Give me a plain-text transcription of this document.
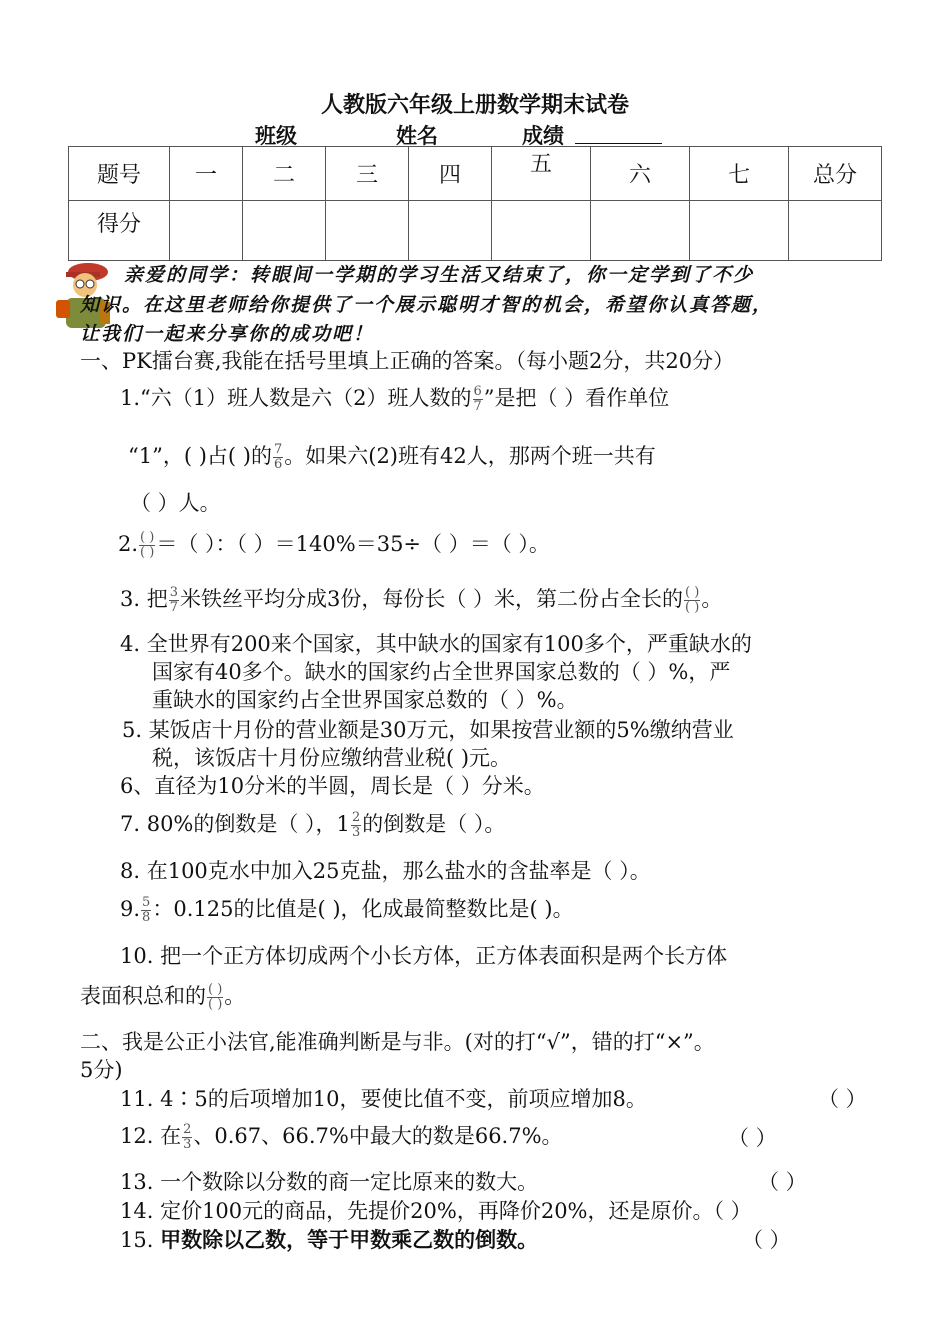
人教版六年级上册数学期末试卷
班级	姓名	成绩
题号	一	二	三	四	五	六	七	总分
得分								
亲爱的同学：转眼间一学期的学习生活又结束了，你一定学到了不少
知识。在这里老师给你提供了一个展示聪明才智的机会，希望你认真答题，
让我们一起来分享你的成功吧！
一、PK擂台赛,我能在括号里填上正确的答案。（每小题2分，共20分）
1.“六（1）班人数是六（2）班人数的 $\frac{6}{7}$ ”是把（ ）看作单位
“1”，( )占( )的 $\frac{7}{6}$ 。如果六(2)班有42人，那两个班一共有
（ ）人。
2. $\frac{( )}{( )}$ ＝（ ）：（ ）＝140%＝35÷（ ）＝（ ）。
3. 把 $\frac{3}{7}$ 米铁丝平均分成3份，每份长（ ）米，第二份占全长的 $\frac{( )}{( )}$ 。
4. 全世界有200来个国家，其中缺水的国家有100多个，严重缺水的
国家有40多个。缺水的国家约占全世界国家总数的（ ）%，严
重缺水的国家约占全世界国家总数的（ ）%。
5. 某饭店十月份的营业额是30万元，如果按营业额的5%缴纳营业
税，该饭店十月份应缴纳营业税( )元。
6、直径为10分米的半圆，周长是（ ）分米。
7. 80%的倒数是（ ），$1 \frac{2}{3}$ 的倒数是（ ）。
8. 在100克水中加入25克盐，那么盐水的含盐率是（ ）。
9. $\frac{5}{8}$ ：0.125的比值是( )，化成最简整数比是( )。
10. 把一个正方体切成两个小长方体，正方体表面积是两个长方体
表面积总和的 $\frac{( )}{( )}$ 。
二、我是公正小法官,能准确判断是与非。(对的打“√”，错的打“×”。
5分)
11. 4∶5的后项增加10，要使比值不变，前项应增加8。	（ ）
12. 在 $\frac{2}{3}$ 、0.67、66.7%中最大的数是66.7%。	（ ）
13. 一个数除以分数的商一定比原来的数大。	（ ）
14. 定价100元的商品，先提价20%，再降价20%，还是原价。（ ）
15. 甲数除以乙数，等于甲数乘乙数的倒数。	（ ）
